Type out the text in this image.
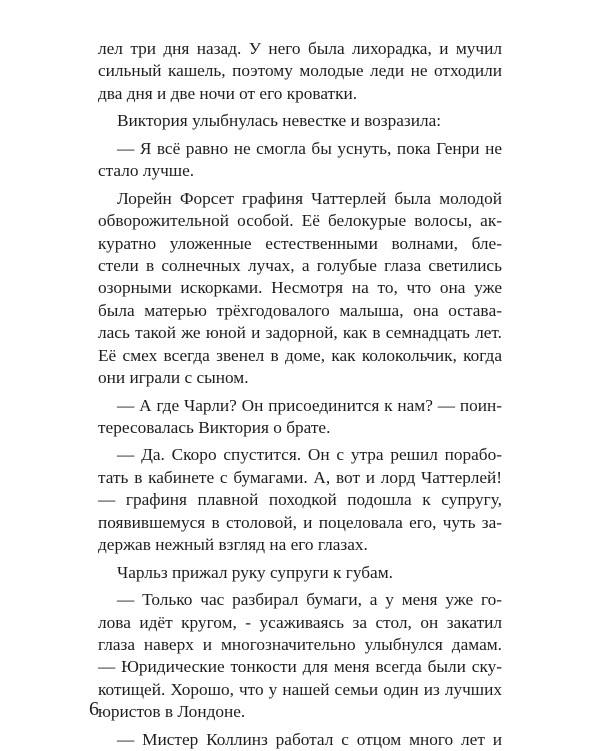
лел три дня назад. У него была лихорадка, и мучил
сильный кашель, поэтому молодые леди не отходили
два дня и две ночи от его кроватки.
Виктория улыбнулась невестке и возразила:
— Я всё равно не смогла бы уснуть, пока Генри не
стало лучше.
Лорейн Форсет графиня Чаттерлей была молодой
обворожительной особой. Её белокурые волосы, ак-
куратно уложенные естественными волнами, бле-
стели в солнечных лучах, а голубые глаза светились
озорными искорками. Несмотря на то, что она уже
была матерью трёхгодовалого малыша, она оставa-
лась такой же юной и задорной, как в семнадцать лет.
Её смех всегда звенел в доме, как колокольчик, когда
они играли с сыном.
— А где Чарли? Он присоединится к нам? — поин-
тересовалась Виктория о брате.
— Да. Скоро спустится. Он с утра решил порабо-
тать в кабинете с бумагами. А, вот и лорд Чаттерлей!
— графиня плавной походкой подошла к супругу,
появившемуся в столовой, и поцеловала его, чуть за-
держав нежный взгляд на его глазах.
Чарльз прижал руку супруги к губам.
— Только час разбирал бумаги, а у меня уже го-
лова идёт кругом, - усаживаясь за стол, он закатил
глаза наверх и многозначительно улыбнулся дамам.
— Юридические тонкости для меня всегда были ску-
котищей. Хорошо, что у нашей семьи один из лучших
юристов в Лондоне.
— Мистер Коллинз работал с отцом много лет и
6
